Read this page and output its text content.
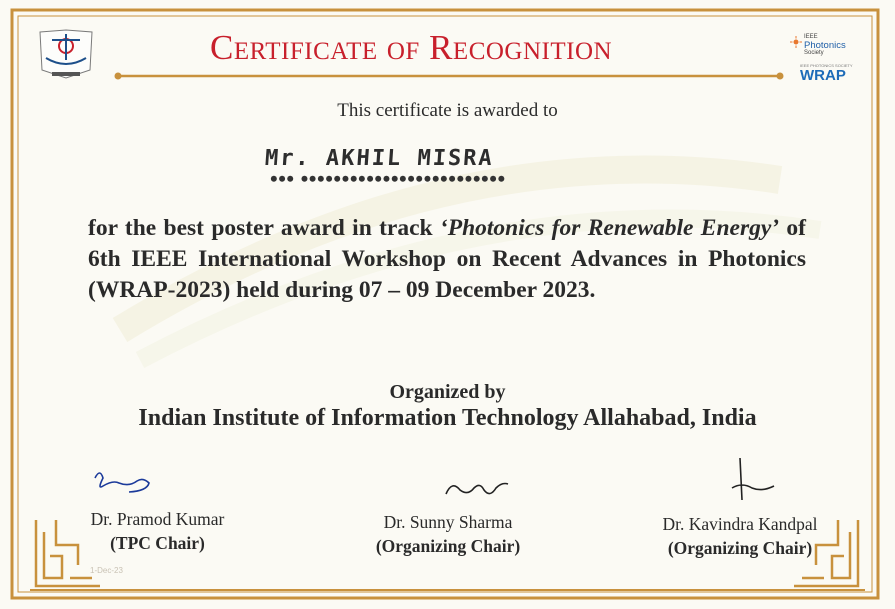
IEEE
Photonics
Society
IEEE PHOTONICS SOCIETY
WRAP
Certificate of Recognition
This certificate is awarded to
Mr. AKHIL MISRA
••• •••••••••••••••••••••••••
for the best poster award in track ‘Photonics for Renewable Energy’ of 6th IEEE International Workshop on Recent Advances in Photonics (WRAP-2023) held during 07 – 09 December 2023.
Organized by
Indian Institute of Information Technology Allahabad, India
Dr. Pramod Kumar
(TPC Chair)
Dr. Sunny Sharma
(Organizing Chair)
Dr. Kavindra Kandpal
(Organizing Chair)
1-Dec-23
